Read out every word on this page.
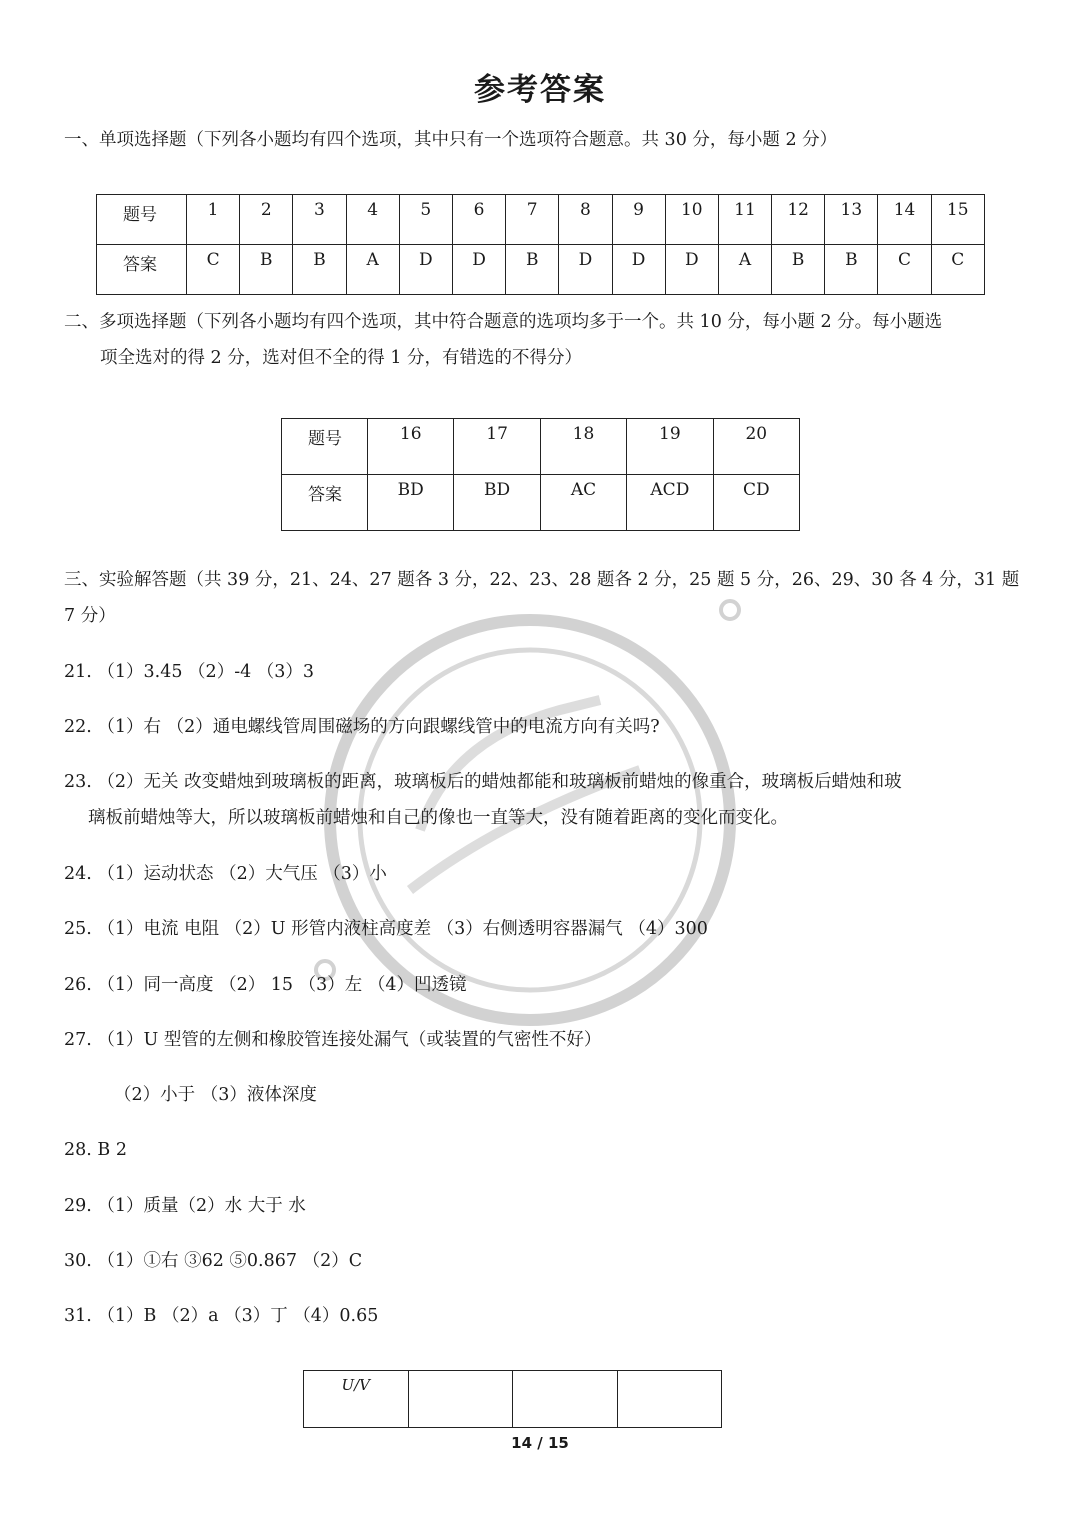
参考答案
一、单项选择题（下列各小题均有四个选项，其中只有一个选项符合题意。共 30 分，每小题 2 分）
题号	1	2	3	4	5	6	7	8	9	10	11	12	13	14	15
答案	C	B	B	A	D	D	B	D	D	D	A	B	B	C	C
二、多项选择题（下列各小题均有四个选项，其中符合题意的选项均多于一个。共 10 分，每小题 2 分。每小题选
项全选对的得 2 分，选对但不全的得 1 分，有错选的不得分）
题号	16	17	18	19	20
答案	BD	BD	AC	ACD	CD
三、实验解答题（共 39 分，21、24、27 题各 3 分，22、23、28 题各 2 分，25 题 5 分，26、29、30 各 4 分，31 题
7 分）
21. （1）3.45 （2）-4 （3）3
22. （1）右 （2）通电螺线管周围磁场的方向跟螺线管中的电流方向有关吗?
23. （2）无关 改变蜡烛到玻璃板的距离，玻璃板后的蜡烛都能和玻璃板前蜡烛的像重合，玻璃板后蜡烛和玻
璃板前蜡烛等大，所以玻璃板前蜡烛和自己的像也一直等大，没有随着距离的变化而变化。
24. （1）运动状态 （2）大气压 （3）小
25. （1）电流 电阻 （2）U 形管内液柱高度差 （3）右侧透明容器漏气 （4）300
26. （1）同一高度 （2） 15 （3）左 （4）凹透镜
27. （1）U 型管的左侧和橡胶管连接处漏气（或装置的气密性不好）
（2）小于 （3）液体深度
28. B 2
29. （1）质量（2）水 大于 水
30. （1）①右 ③62 ⑤0.867 （2）C
31. （1）B （2）a （3）丁 （4）0.65
U/V			
14 / 15
